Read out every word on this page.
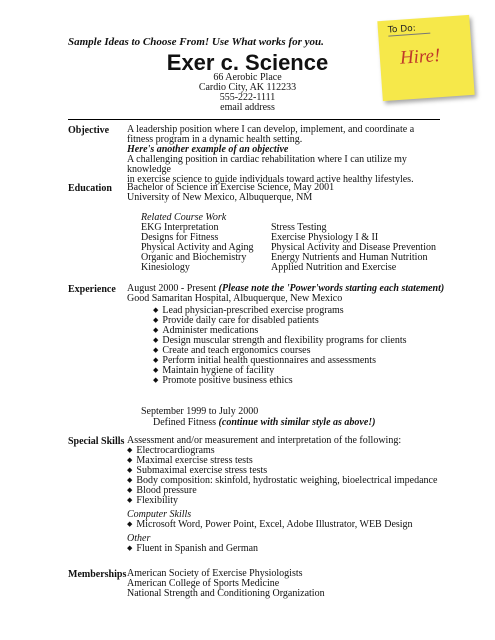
Sample Ideas to Choose From! Use What works for you.
To Do:
Hire!
Exer c. Science
66 Aerobic Place
Cardio City, AK 112233
555-222-1111
email address
Objective A leadership position where I can develop, implement, and coordinate a
fitness program in a dynamic health setting.
Here's another example of an objective
A challenging position in cardiac rehabilitation where I can utilize my knowledge
in exercise science to guide individuals toward active healthy lifestyles.
Education Bachelor of Science in Exercise Science, May 2001
University of New Mexico, Albuquerque, NM
Related Course Work
EKG Interpretation
Designs for Fitness
Physical Activity and Aging
Organic and Biochemistry
Kinesiology
Stress Testing
Exercise Physiology I & II
Physical Activity and Disease Prevention
Energy Nutrients and Human Nutrition
Applied Nutrition and Exercise
Experience August 2000 - Present (Please note the 'Power'words starting each statement)
Good Samaritan Hospital, Albuquerque, New Mexico
◆ Lead physician-prescribed exercise programs
◆ Provide daily care for disabled patients
◆ Administer medications
◆ Design muscular strength and flexibility programs for clients
◆ Create and teach ergonomics courses
◆ Perform initial health questionnaires and assessments
◆ Maintain hygiene of facility
◆ Promote positive business ethics
September 1999 to July 2000
Defined Fitness (continue with similar style as above!)
Special Skills Assessment and/or measurement and interpretation of the following:
◆ Electrocardiograms
◆ Maximal exercise stress tests
◆ Submaximal exercise stress tests
◆ Body composition: skinfold, hydrostatic weighing, bioelectrical impedance
◆ Blood pressure
◆ Flexibility
Computer Skills
◆ Microsoft Word, Power Point, Excel, Adobe Illustrator, WEB Design
Other
◆ Fluent in Spanish and German
Memberships American Society of Exercise Physiologists
American College of Sports Medicine
National Strength and Conditioning Organization
